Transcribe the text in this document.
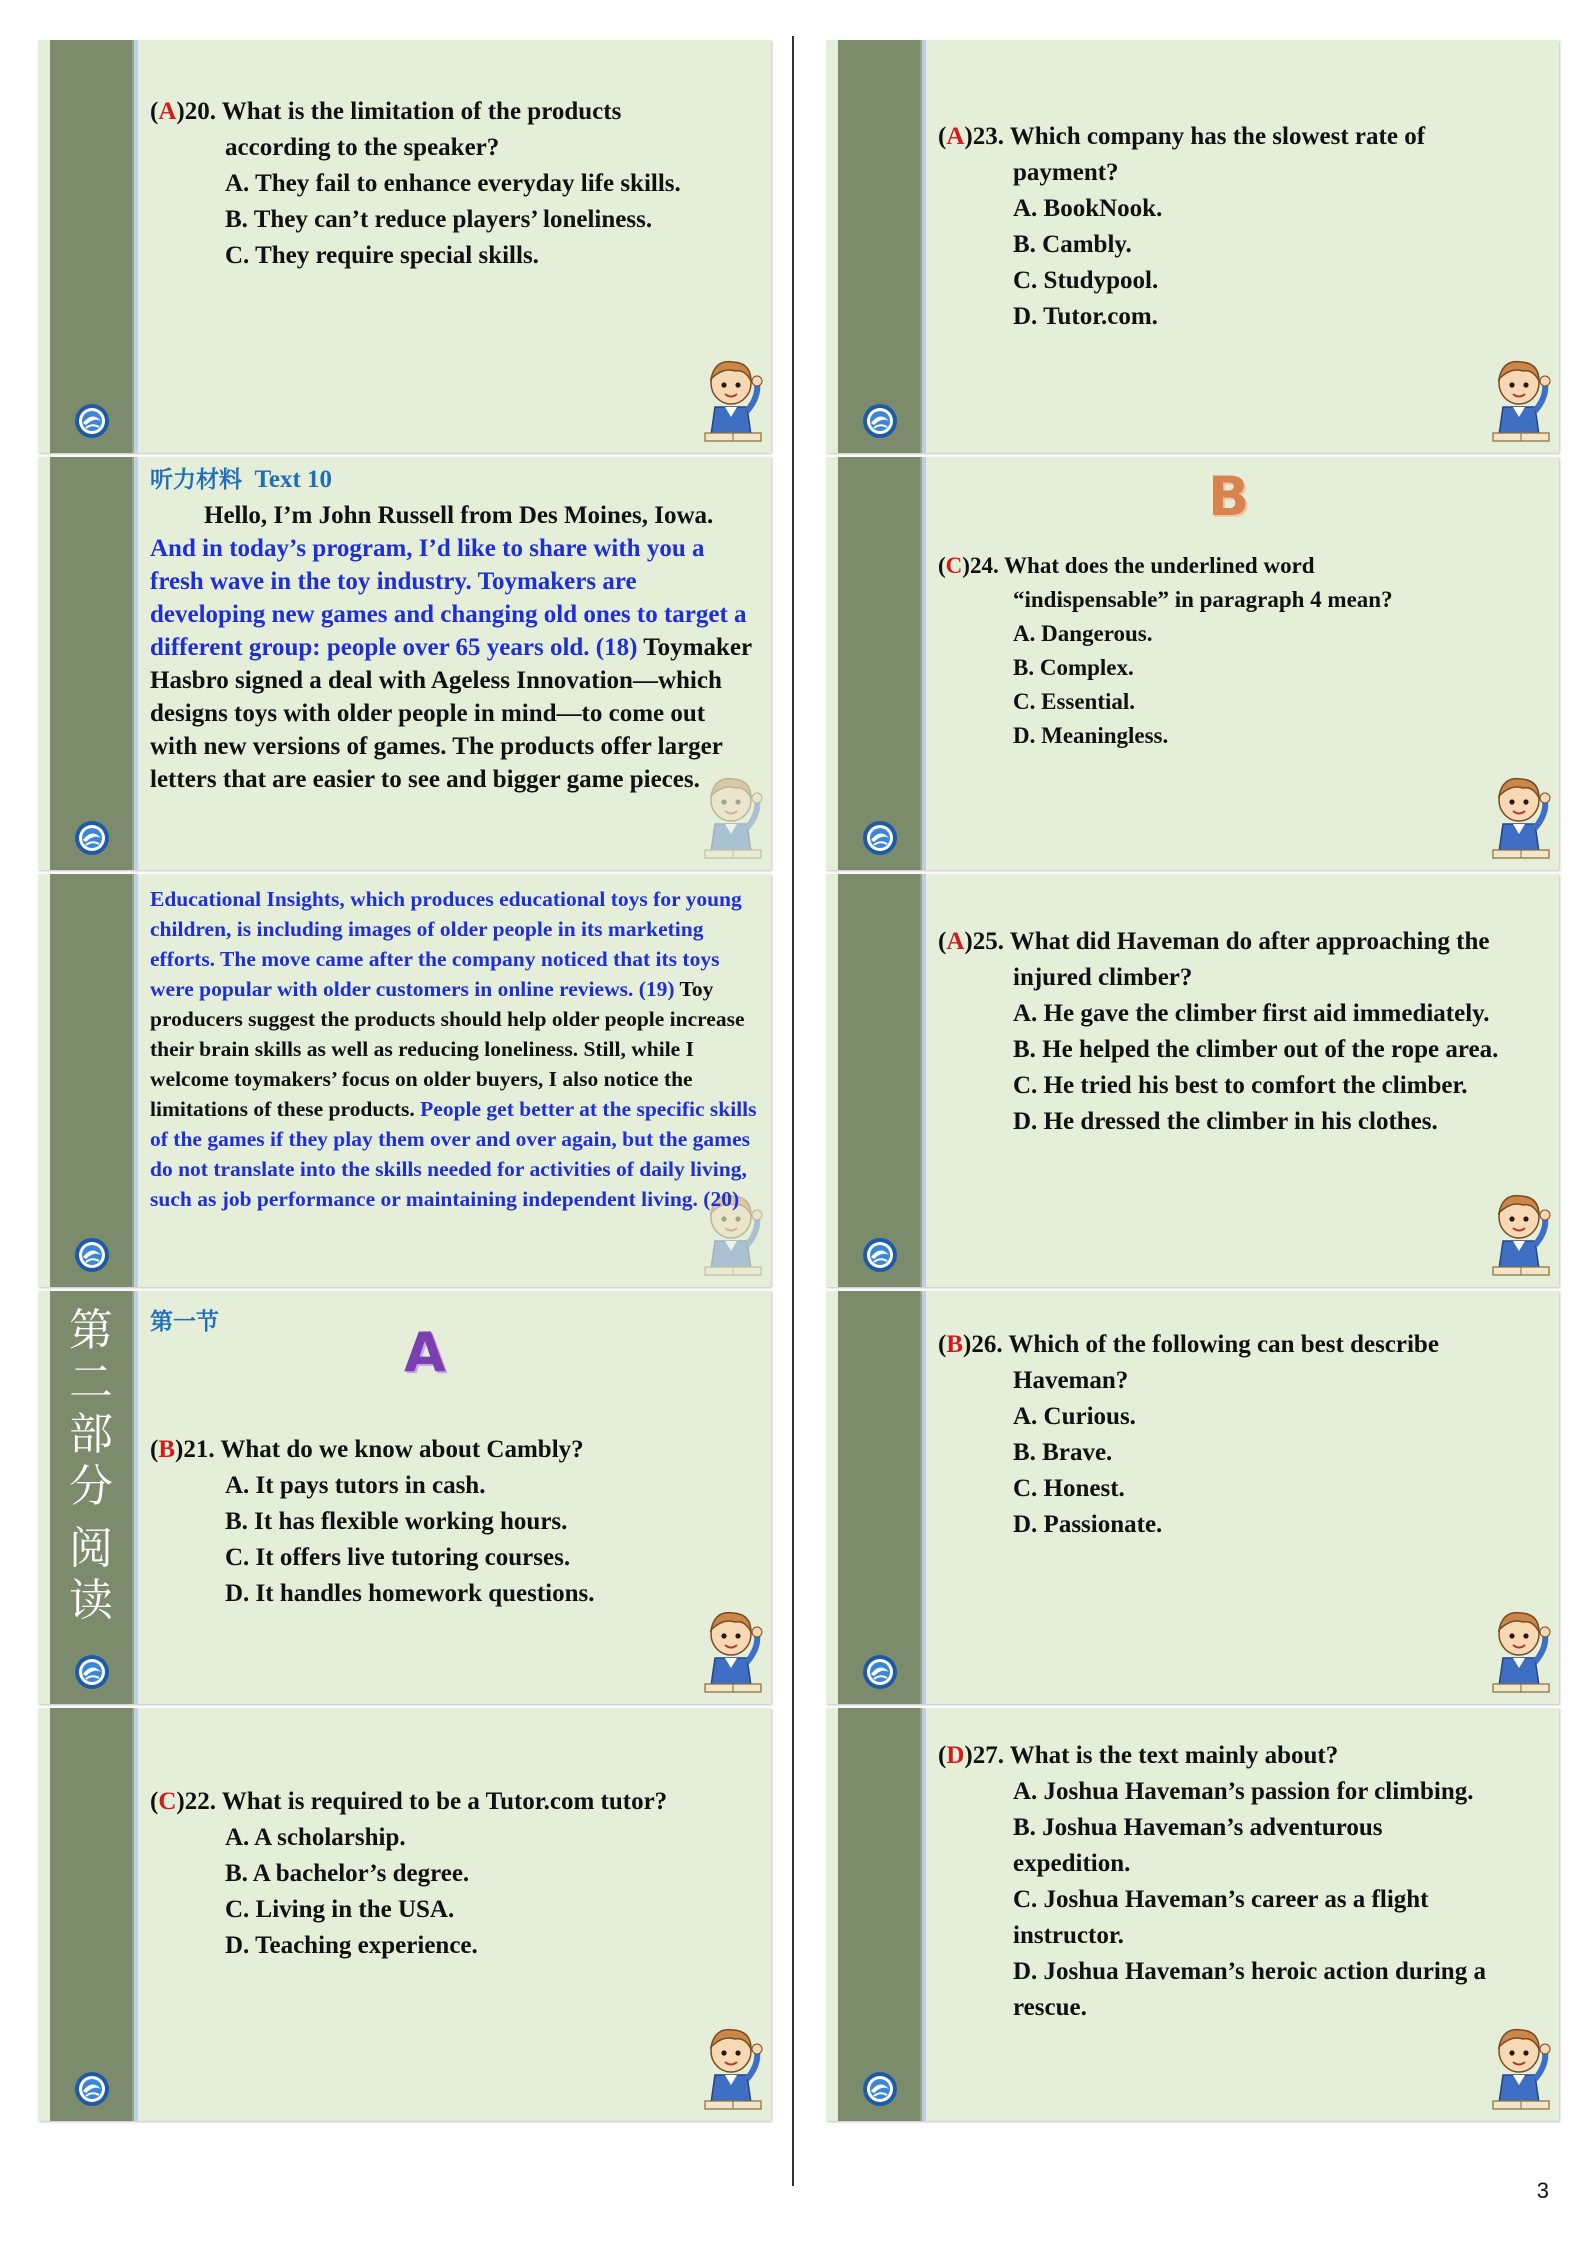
(A)20. What is the limitation of the products

according to the speaker?

A. They fail to enhance everyday life skills.

B. They can’t reduce players’ loneliness.

C. They require special skills.

听力材料 Text 10
Hello, I’m John Russell from Des Moines, Iowa. And in today’s program, I’d like to share with you a fresh wave in the toy industry. Toymakers are developing new games and changing old ones to target a different group: people over 65 years old. (18) Toymaker Hasbro signed a deal with Ageless Innovation—which designs toys with older people in mind—to come out with new versions of games. The products offer larger letters that are easier to see and bigger game pieces.
Educational Insights, which produces educational toys for young children, is including images of older people in its marketing efforts. The move came after the company noticed that its toys were popular with older customers in online reviews. (19) Toy producers suggest the products should help older people increase their brain skills as well as reducing loneliness. Still, while I welcome toymakers’ focus on older buyers, I also notice the limitations of these products. People get better at the specific skills of the games if they play them over and over again, but the games do not translate into the skills needed for activities of daily living, such as job performance or maintaining independent living. (20)
第
二
部
分

阅
读
第一节	A

(B)21. What do we know about Cambly?

A. It pays tutors in cash.

B. It has flexible working hours.

C. It offers live tutoring courses.

D. It handles homework questions.

(C)22. What is required to be a Tutor.com tutor?

A. A scholarship.

B. A bachelor’s degree.

C. Living in the USA.

D. Teaching experience.

(A)23. Which company has the slowest rate of

payment?

A. BookNook.

B. Cambly.

C. Studypool.

D. Tutor.com.

B

(C)24. What does the underlined word

“indispensable” in paragraph 4 mean?

A. Dangerous.

B. Complex.

C. Essential.

D. Meaningless.

(A)25. What did Haveman do after approaching the

injured climber?

A. He gave the climber first aid immediately.

B. He helped the climber out of the rope area.

C. He tried his best to comfort the climber.

D. He dressed the climber in his clothes.

(B)26. Which of the following can best describe

Haveman?

A. Curious.

B. Brave.

C. Honest.

D. Passionate.

(D)27. What is the text mainly about?

A. Joshua Haveman’s passion for climbing.

B. Joshua Haveman’s adventurous

expedition.

C. Joshua Haveman’s career as a flight

instructor.

D. Joshua Haveman’s heroic action during a

rescue.

3
